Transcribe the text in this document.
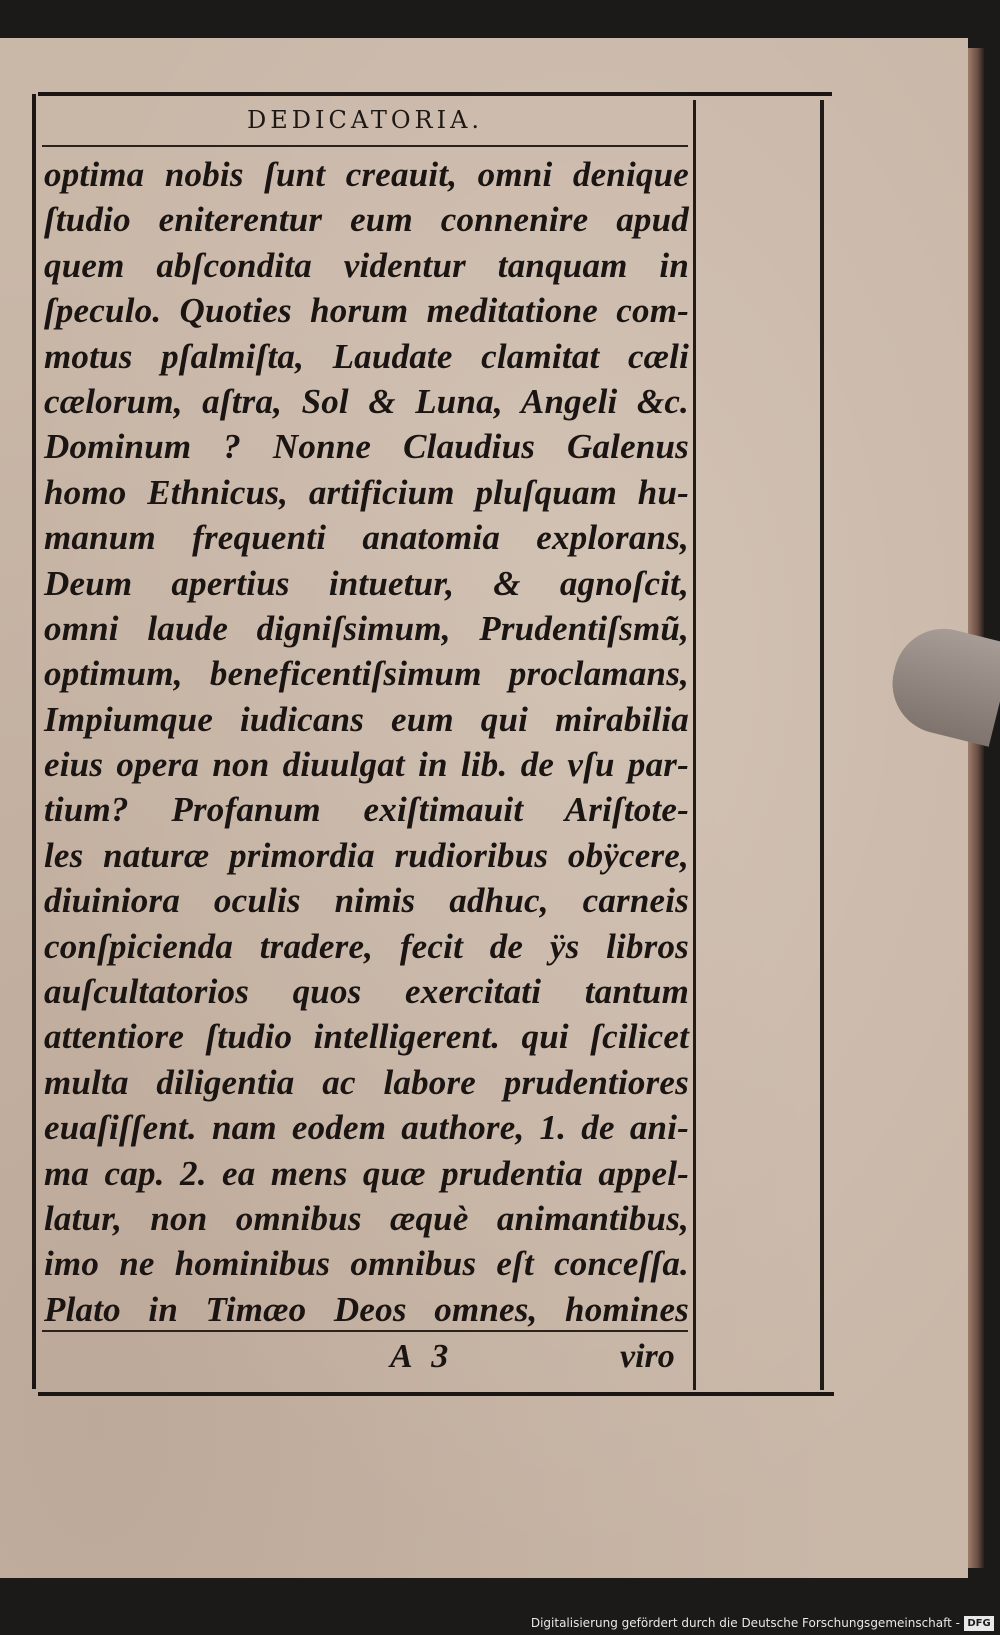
DEDICATORIA.
optima nobis ſunt creauit, omni denique
ſtudio eniterentur eum connenire apud
quem abſcondita videntur tanquam in
ſpeculo. Quoties horum meditatione com-
motus pſalmiſta, Laudate clamitat cæli
cælorum, aſtra, Sol & Luna, Angeli &c.
Dominum ? Nonne Claudius Galenus
homo Ethnicus, artificium pluſquam hu-
manum frequenti anatomia explorans,
Deum apertius intuetur, & agnoſcit,
omni laude digniſsimum, Prudentiſsmũ,
optimum, beneficentiſsimum proclamans,
Impiumque iudicans eum qui mirabilia
eius opera non diuulgat in lib. de vſu par-
tium? Profanum exiſtimauit Ariſtote-
les naturæ primordia rudioribus obÿcere,
diuiniora oculis nimis adhuc, carneis
conſpicienda tradere, fecit de ÿs libros
auſcultatorios quos exercitati tantum
attentiore ſtudio intelligerent. qui ſcilicet
multa diligentia ac labore prudentiores
euaſiſſent. nam eodem authore, 1. de ani-
ma cap. 2. ea mens quæ prudentia appel-
latur, non omnibus æquè animantibus,
imo ne hominibus omnibus eſt conceſſa.
Plato in Timæo Deos omnes, homines
A 3	viro
Digitalisierung gefördert durch die Deutsche Forschungsgemeinschaft - DFG
